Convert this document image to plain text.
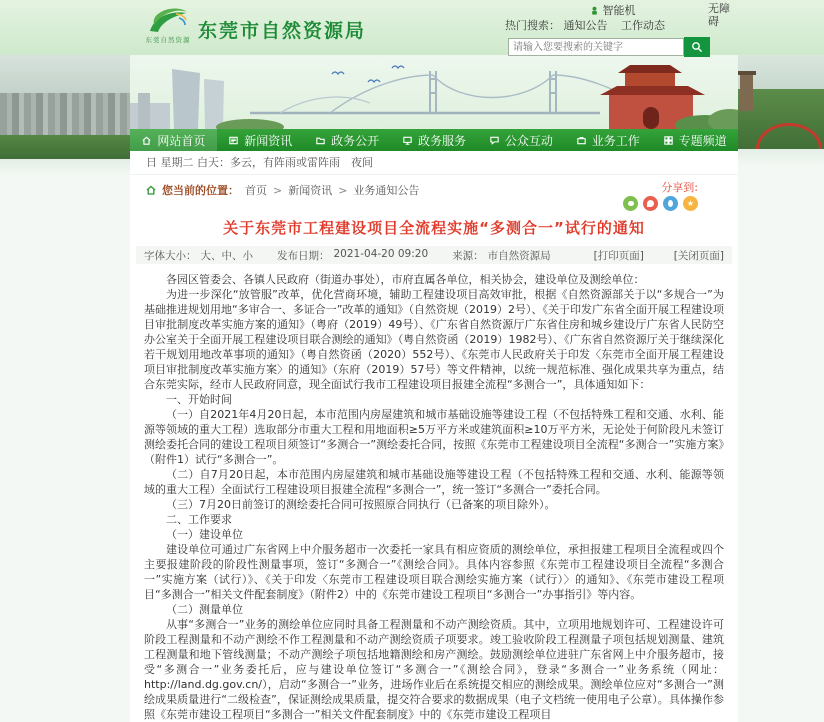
东莞自然资源 东莞市自然资源局
智能机	无障碍
热门搜索： 通知公告 工作动态
请输入您要搜索的关键字
网站首页	新闻资讯	政务公开	政务服务	公众互动	业务工作	专题频道
日 星期二 白天：多云，有阵雨或雷阵雨　夜间
您当前的位置： 首页 > 新闻资讯 > 业务通知公告	分享到:
★
关于东莞市工程建设项目全流程实施“多测合一”试行的通知
字体大小： 大、中、小 发布日期： 2021-04-20 09:20 来源： 市自然资源局	[打印页面]	[关闭页面]

各园区管委会、各镇人民政府（街道办事处），市府直属各单位，相关协会，建设单位及测绘单位：

为进一步深化“放管服”改革，优化营商环境，辅助工程建设项目高效审批，根据《自然资源部关于以“多规合一”为基础推进规划用地“多审合一、多证合一”改革的通知》（自然资规（2019）2号）、《关于印发广东省全面开展工程建设项目审批制度改革实施方案的通知》（粤府（2019）49号）、《广东省自然资源厅广东省住房和城乡建设厅广东省人民防空办公室关于全面开展工程建设项目联合测绘的通知》（粤自然资函（2019）1982号）、《广东省自然资源厅关于继续深化若干规划用地改革事项的通知》（粤自然资函（2020）552号）、《东莞市人民政府关于印发〈东莞市全面开展工程建设项目审批制度改革实施方案〉的通知》（东府（2019）57号）等文件精神，以统一规范标准、强化成果共享为重点，结合东莞实际，经市人民政府同意，现全面试行我市工程建设项目报建全流程“多测合一”，具体通知如下：

一、开始时间

（一）自2021年4月20日起，本市范围内房屋建筑和城市基础设施等建设工程（不包括特殊工程和交通、水利、能源等领域的重大工程）选取部分市重大工程和用地面积≥5万平方米或建筑面积≥10万平方米，无论处于何阶段凡未签订测绘委托合同的建设工程项目须签订“多测合一”测绘委托合同，按照《东莞市工程建设项目全流程“多测合一”实施方案》（附件1）试行“多测合一”。

（二）自7月20日起，本市范围内房屋建筑和城市基础设施等建设工程（不包括特殊工程和交通、水利、能源等领域的重大工程）全面试行工程建设项目报建全流程“多测合一”，统一签订“多测合一”委托合同。

（三）7月20日前签订的测绘委托合同可按照原合同执行（已备案的项目除外）。

二、工作要求

（一）建设单位

建设单位可通过广东省网上中介服务超市一次委托一家具有相应资质的测绘单位，承担报建工程项目全流程或四个主要报建阶段的阶段性测量事项，签订“多测合一”《测绘合同》。具体内容参照《东莞市工程建设项目全流程“多测合一”实施方案（试行）》、《关于印发〈东莞市工程建设项目联合测绘实施方案（试行）〉的通知》、《东莞市建设工程项目“多测合一”相关文件配套制度》（附件2）中的《东莞市建设工程项目“多测合一”办事指引》等内容。

（二）测量单位

从事“多测合一”业务的测绘单位应同时具备工程测量和不动产测绘资质。其中，立项用地规划许可、工程建设许可阶段工程测量和不动产测绘不作工程测量和不动产测绘资质子项要求。竣工验收阶段工程测量子项包括规划测量、建筑工程测量和地下管线测量；不动产测绘子项包括地籍测绘和房产测绘。鼓励测绘单位进驻广东省网上中介服务超市，接受“多测合一”业务委托后，应与建设单位签订“多测合一”《测绘合同》，登录“多测合一”业务系统（网址：http://land.dg.gov.cn/），启动“多测合一”业务，进场作业后在系统提交相应的测绘成果。测绘单位应对“多测合一”测绘成果质量进行“二级检查”，保证测绘成果质量，提交符合要求的数据成果（电子文档统一使用电子公章）。具体操作参照《东莞市建设工程项目“多测合一”相关文件配套制度》中的《东莞市建设工程项目
